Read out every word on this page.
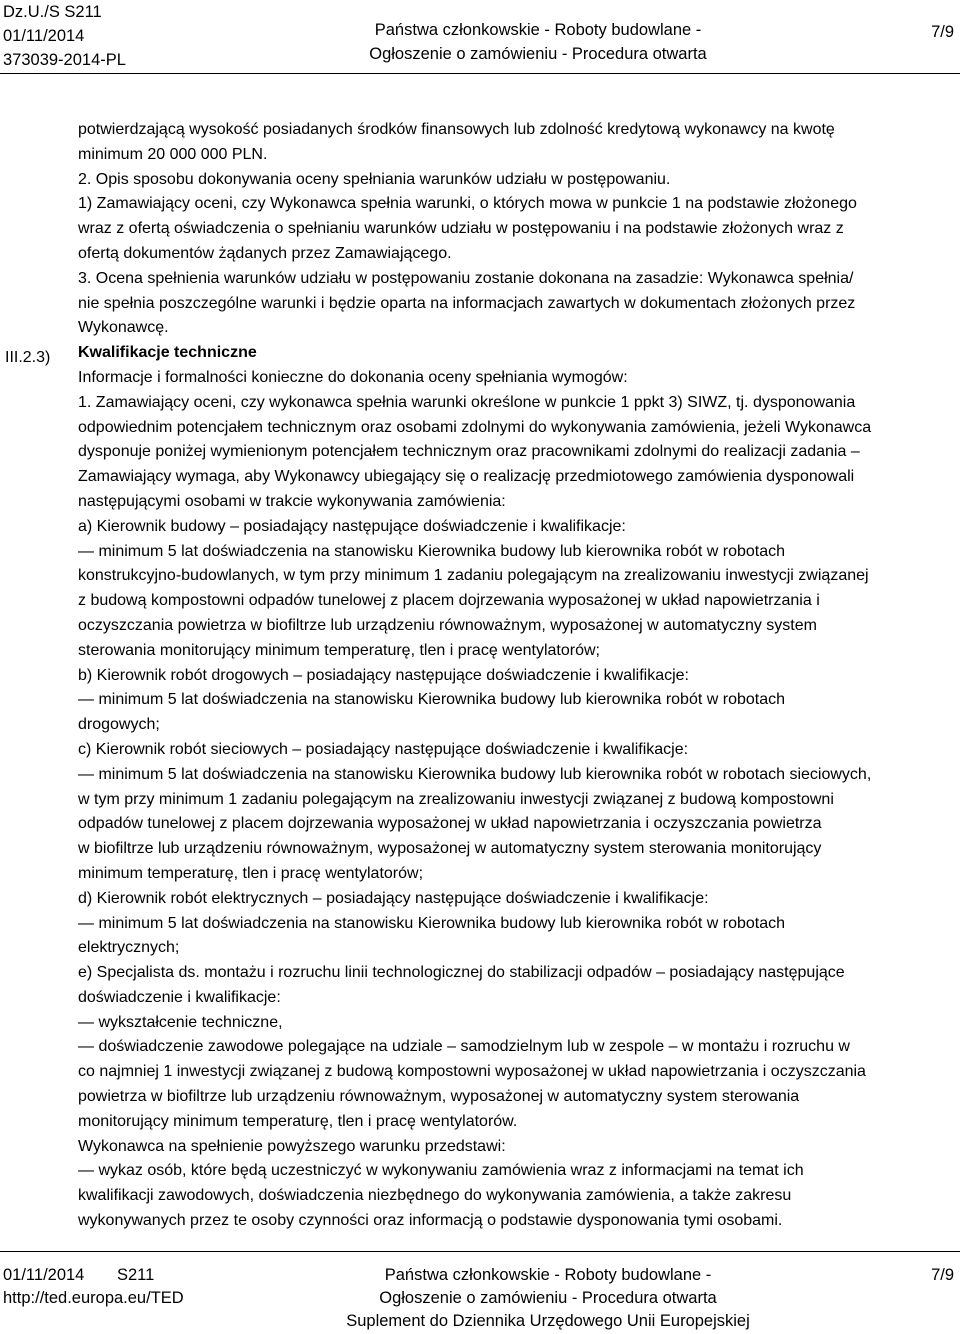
Dz.U./S S211
01/11/2014
373039-2014-PL
Państwa członkowskie - Roboty budowlane -
Ogłoszenie o zamówieniu - Procedura otwarta
7/9
III.2.3)
potwierdzającą wysokość posiadanych środków finansowych lub zdolność kredytową wykonawcy na kwotę
minimum 20 000 000 PLN.
2. Opis sposobu dokonywania oceny spełniania warunków udziału w postępowaniu.
1) Zamawiający oceni, czy Wykonawca spełnia warunki, o których mowa w punkcie 1 na podstawie złożonego
wraz z ofertą oświadczenia o spełnianiu warunków udziału w postępowaniu i na podstawie złożonych wraz z
ofertą dokumentów żądanych przez Zamawiającego.
3. Ocena spełnienia warunków udziału w postępowaniu zostanie dokonana na zasadzie: Wykonawca spełnia/
nie spełnia poszczególne warunki i będzie oparta na informacjach zawartych w dokumentach złożonych przez
Wykonawcę.
Kwalifikacje techniczne
Informacje i formalności konieczne do dokonania oceny spełniania wymogów:
1. Zamawiający oceni, czy wykonawca spełnia warunki określone w punkcie 1 ppkt 3) SIWZ, tj. dysponowania
odpowiednim potencjałem technicznym oraz osobami zdolnymi do wykonywania zamówienia, jeżeli Wykonawca
dysponuje poniżej wymienionym potencjałem technicznym oraz pracownikami zdolnymi do realizacji zadania –
Zamawiający wymaga, aby Wykonawcy ubiegający się o realizację przedmiotowego zamówienia dysponowali
następującymi osobami w trakcie wykonywania zamówienia:
a) Kierownik budowy – posiadający następujące doświadczenie i kwalifikacje:
— minimum 5 lat doświadczenia na stanowisku Kierownika budowy lub kierownika robót w robotach
konstrukcyjno-budowlanych, w tym przy minimum 1 zadaniu polegającym na zrealizowaniu inwestycji związanej
z budową kompostowni odpadów tunelowej z placem dojrzewania wyposażonej w układ napowietrzania i
oczyszczania powietrza w biofiltrze lub urządzeniu równoważnym, wyposażonej w automatyczny system
sterowania monitorujący minimum temperaturę, tlen i pracę wentylatorów;
b) Kierownik robót drogowych – posiadający następujące doświadczenie i kwalifikacje:
— minimum 5 lat doświadczenia na stanowisku Kierownika budowy lub kierownika robót w robotach
drogowych;
c) Kierownik robót sieciowych – posiadający następujące doświadczenie i kwalifikacje:
— minimum 5 lat doświadczenia na stanowisku Kierownika budowy lub kierownika robót w robotach sieciowych,
w tym przy minimum 1 zadaniu polegającym na zrealizowaniu inwestycji związanej z budową kompostowni
odpadów tunelowej z placem dojrzewania wyposażonej w układ napowietrzania i oczyszczania powietrza
w biofiltrze lub urządzeniu równoważnym, wyposażonej w automatyczny system sterowania monitorujący
minimum temperaturę, tlen i pracę wentylatorów;
d) Kierownik robót elektrycznych – posiadający następujące doświadczenie i kwalifikacje:
— minimum 5 lat doświadczenia na stanowisku Kierownika budowy lub kierownika robót w robotach
elektrycznych;
e) Specjalista ds. montażu i rozruchu linii technologicznej do stabilizacji odpadów – posiadający następujące
doświadczenie i kwalifikacje:
— wykształcenie techniczne,
— doświadczenie zawodowe polegające na udziale – samodzielnym lub w zespole – w montażu i rozruchu w
co najmniej 1 inwestycji związanej z budową kompostowni wyposażonej w układ napowietrzania i oczyszczania
powietrza w biofiltrze lub urządzeniu równoważnym, wyposażonej w automatyczny system sterowania
monitorujący minimum temperaturę, tlen i pracę wentylatorów.
Wykonawca na spełnienie powyższego warunku przedstawi:
— wykaz osób, które będą uczestniczyć w wykonywaniu zamówienia wraz z informacjami na temat ich
kwalifikacji zawodowych, doświadczenia niezbędnego do wykonywania zamówienia, a także zakresu
wykonywanych przez te osoby czynności oraz informacją o podstawie dysponowania tymi osobami.
01/11/2014 S211
http://ted.europa.eu/TED
Państwa członkowskie - Roboty budowlane -
Ogłoszenie o zamówieniu - Procedura otwarta
Suplement do Dziennika Urzędowego Unii Europejskiej
7/9
